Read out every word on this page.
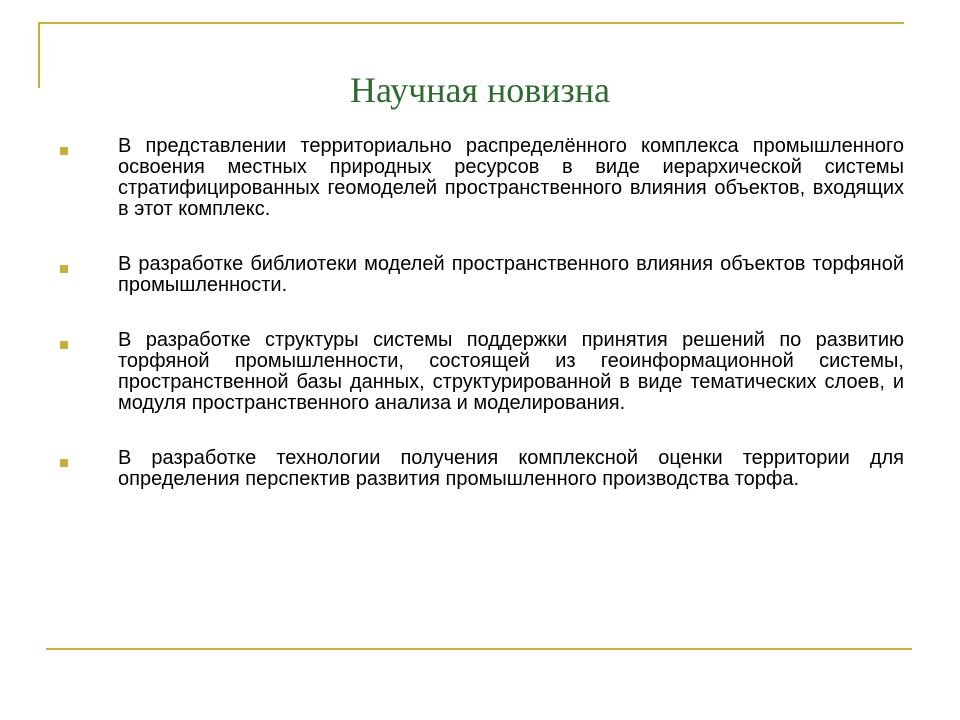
Научная новизна
В представлении территориально распределённого комплекса промышленного освоения местных природных ресурсов в виде иерархической системы стратифицированных геомоделей пространственного влияния объектов, входящих в этот комплекс.
В разработке библиотеки моделей пространственного влияния объектов торфяной промышленности.
В разработке структуры системы поддержки принятия решений по развитию торфяной промышленности, состоящей из геоинформационной системы, пространственной базы данных, структурированной в виде тематических слоев, и модуля пространственного анализа и моделирования.
В разработке технологии получения комплексной оценки территории для определения перспектив развития промышленного производства торфа.
